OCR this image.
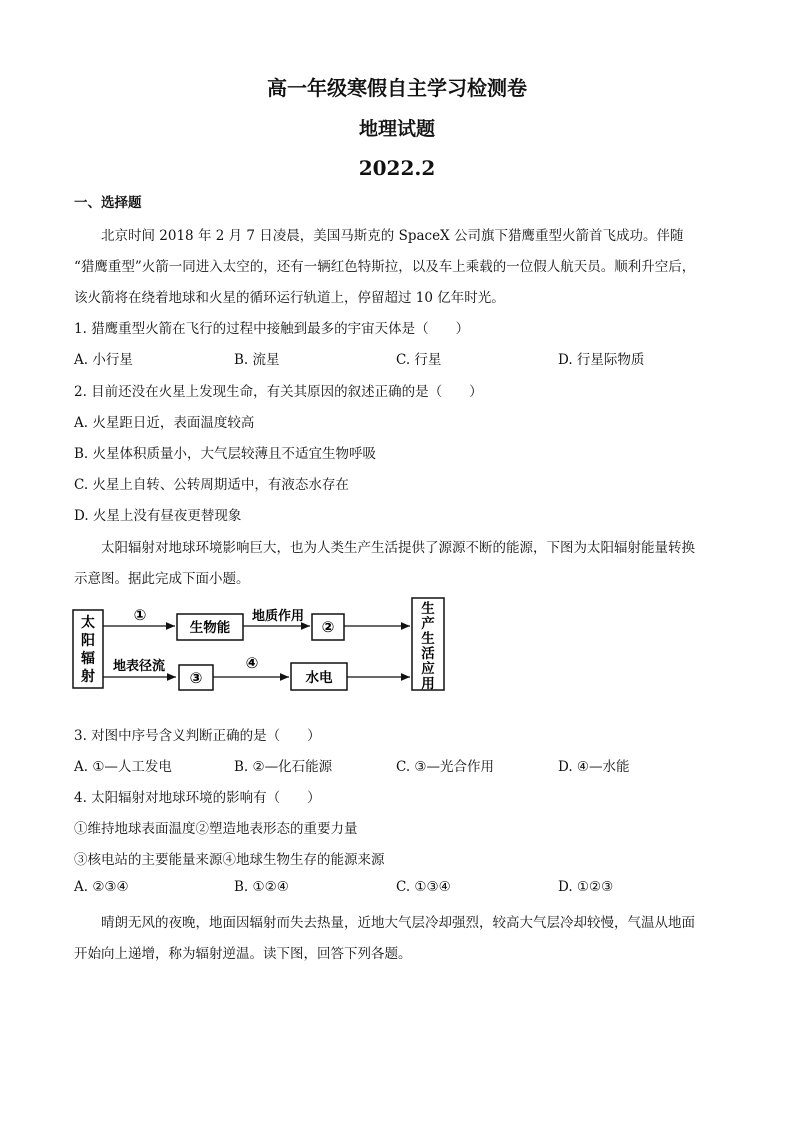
高一年级寒假自主学习检测卷
地理试题
2022.2
一、选择题
北京时间 2018 年 2 月 7 日凌晨，美国马斯克的 SpaceX 公司旗下猎鹰重型火箭首飞成功。伴随
“猎鹰重型”火箭一同进入太空的，还有一辆红色特斯拉，以及车上乘载的一位假人航天员。顺利升空后，
该火箭将在绕着地球和火星的循环运行轨道上，停留超过 10 亿年时光。
1. 猎鹰重型火箭在飞行的过程中接触到最多的宇宙天体是（　　）
A. 小行星	B. 流星	C. 行星	D. 行星际物质
2. 目前还没在火星上发现生命，有关其原因的叙述正确的是（　　）
A. 火星距日近，表面温度较高
B. 火星体积质量小，大气层较薄且不适宜生物呼吸
C. 火星上自转、公转周期适中，有液态水存在
D. 火星上没有昼夜更替现象
太阳辐射对地球环境影响巨大，也为人类生产生活提供了源源不断的能源，下图为太阳辐射能量转换
示意图。据此完成下面小题。
太
阳
辐
射
①
生物能
地质作用
②
地表径流
③
④
水电
生
产
生
活
应
用
3. 对图中序号含义判断正确的是（　　）
A. ①—人工发电	B. ②—化石能源	C. ③—光合作用	D. ④—水能
4. 太阳辐射对地球环境的影响有（　　）
①维持地球表面温度②塑造地表形态的重要力量
③核电站的主要能量来源④地球生物生存的能源来源
A. ②③④	B. ①②④	C. ①③④	D. ①②③
晴朗无风的夜晚，地面因辐射而失去热量，近地大气层冷却强烈，较高大气层冷却较慢，气温从地面
开始向上递增，称为辐射逆温。读下图，回答下列各题。
